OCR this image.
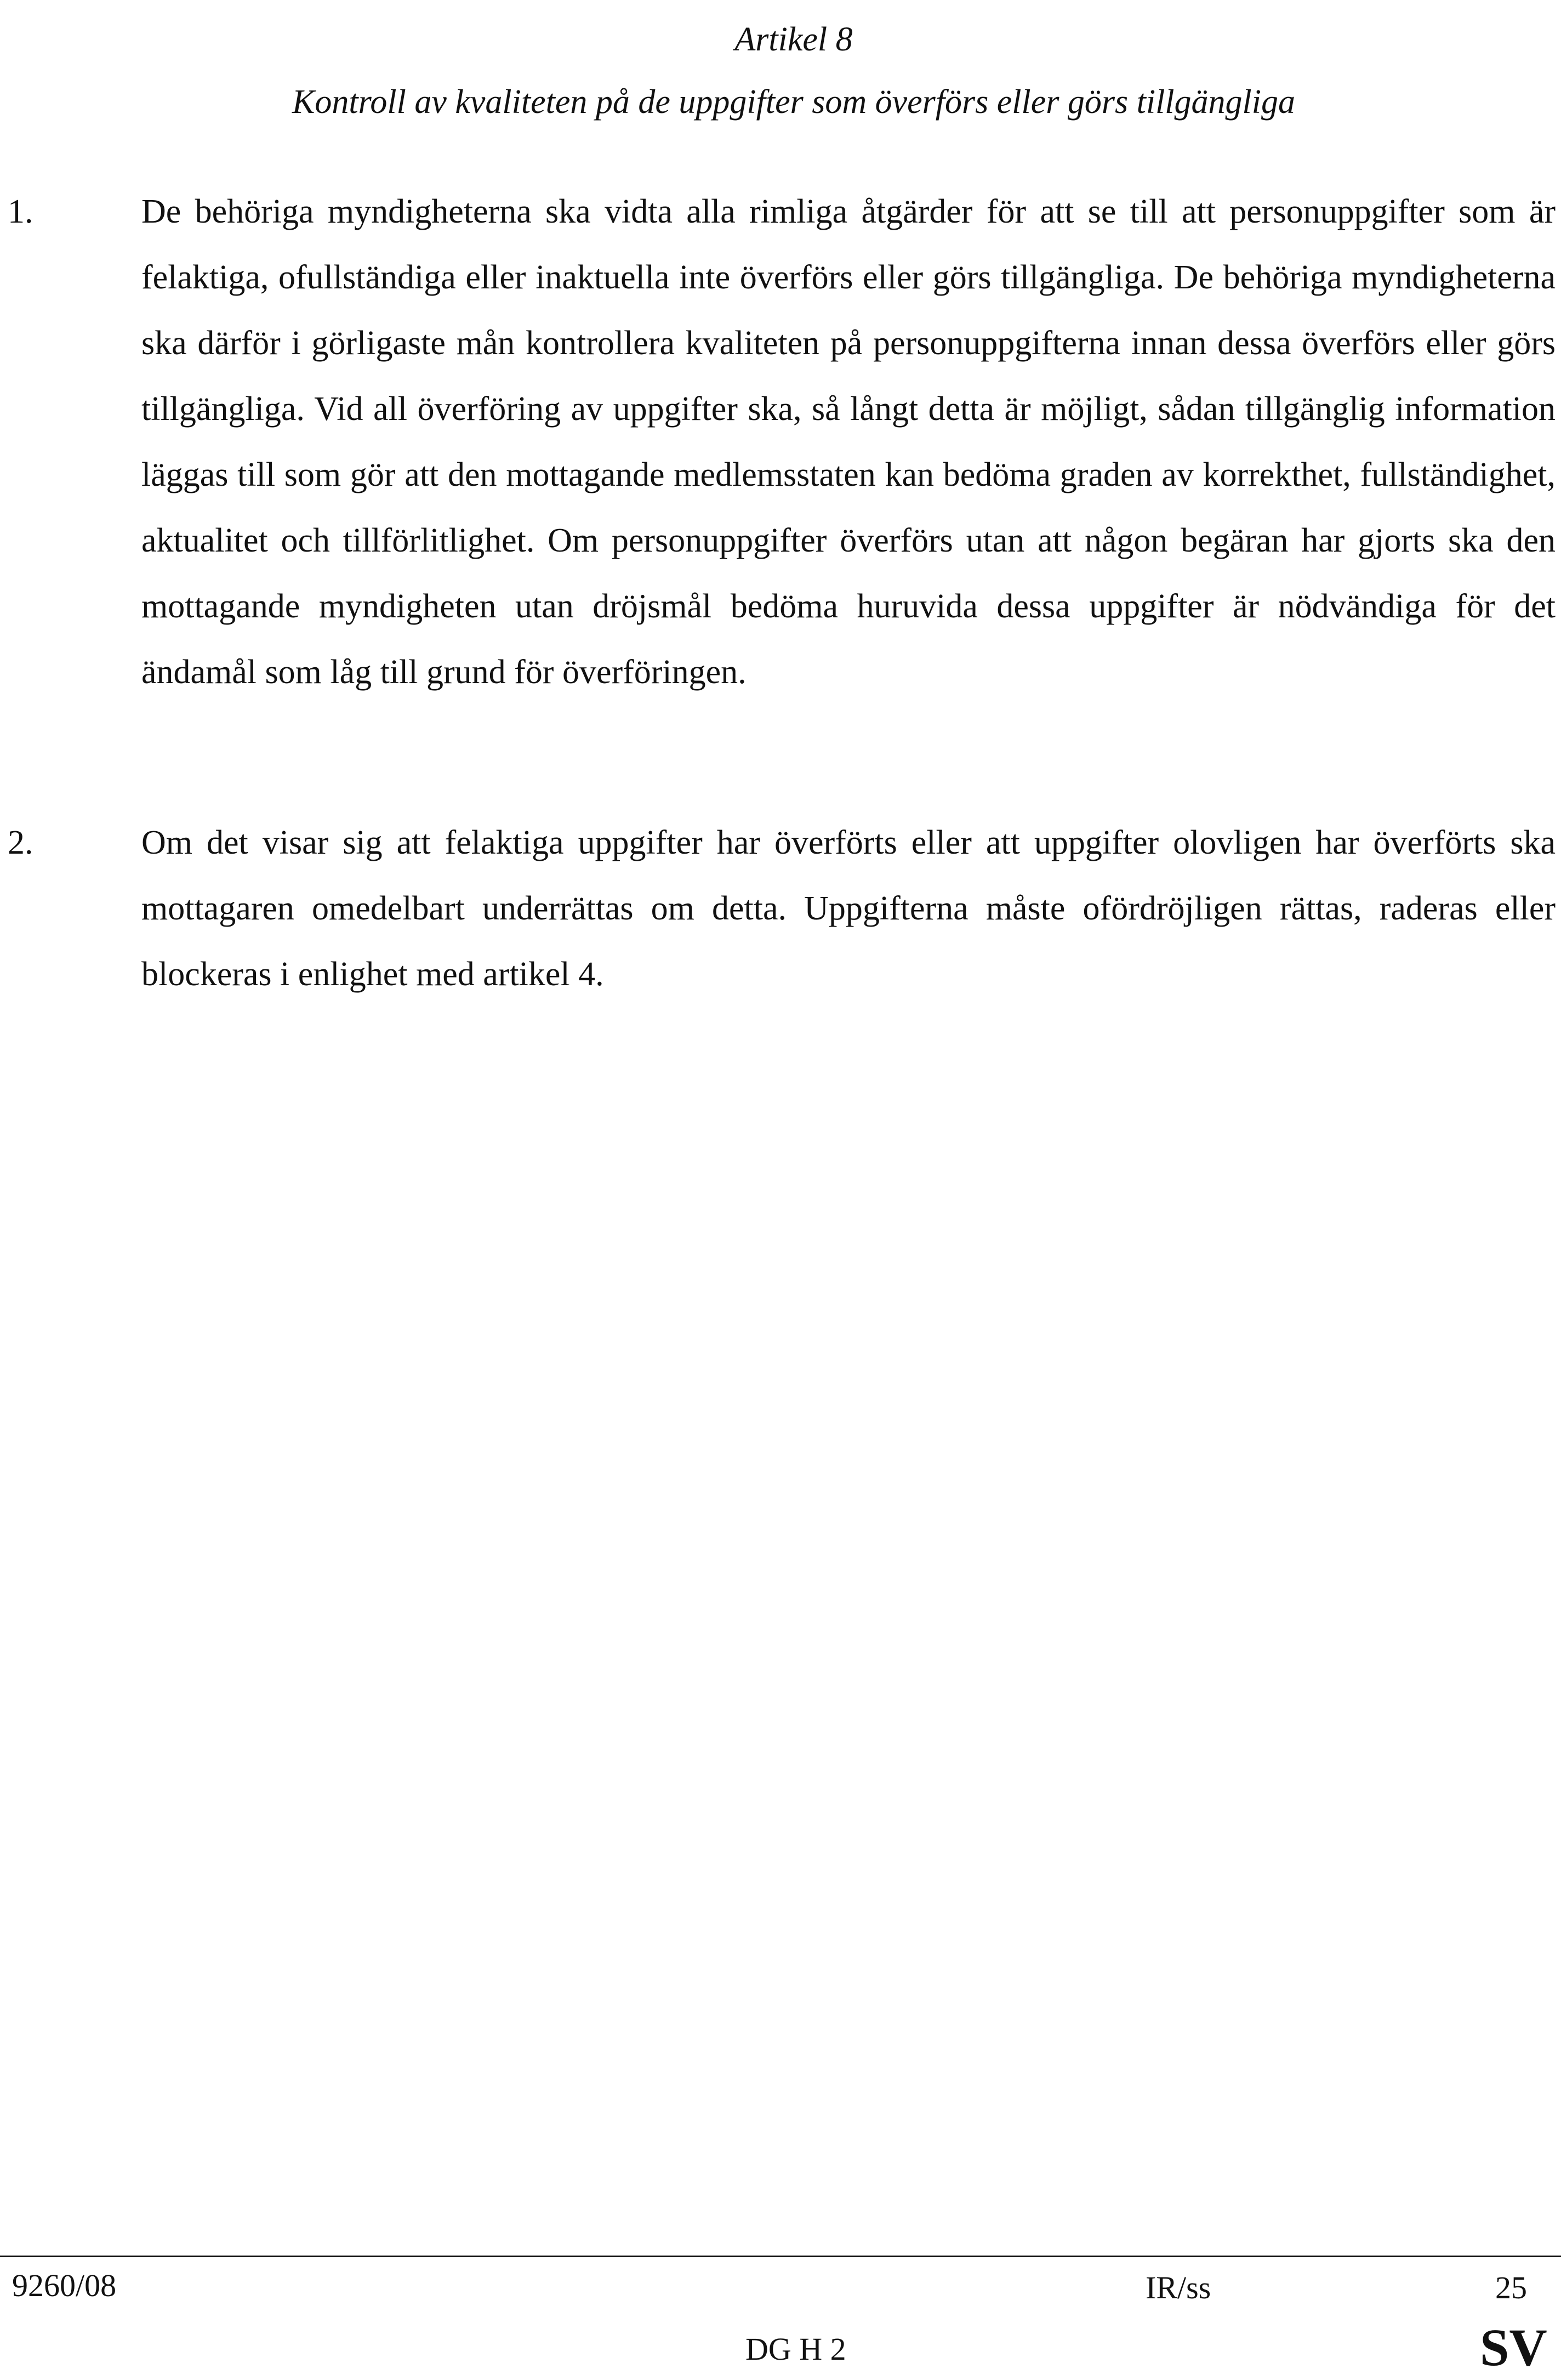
Artikel 8
Kontroll av kvaliteten på de uppgifter som överförs eller görs tillgängliga
1.	De behöriga myndigheterna ska vidta alla rimliga åtgärder för att se till att personuppgifter som är felaktiga, ofullständiga eller inaktuella inte överförs eller görs tillgängliga. De behöriga myndigheterna ska därför i görligaste mån kontrollera kvaliteten på personuppgifterna innan dessa överförs eller görs tillgängliga. Vid all överföring av uppgifter ska, så långt detta är möjligt, sådan tillgänglig information läggas till som gör att den mottagande medlemsstaten kan bedöma graden av korrekthet, fullständighet, aktualitet och tillförlitlighet. Om personuppgifter överförs utan att någon begäran har gjorts ska den mottagande myndigheten utan dröjsmål bedöma huruvida dessa uppgifter är nödvändiga för det ändamål som låg till grund för överföringen.
2.	Om det visar sig att felaktiga uppgifter har överförts eller att uppgifter olovligen har överförts ska mottagaren omedelbart underrättas om detta. Uppgifterna måste ofördröjligen rättas, raderas eller blockeras i enlighet med artikel 4.
9260/08	IR/ss	25
DG H 2	SV
